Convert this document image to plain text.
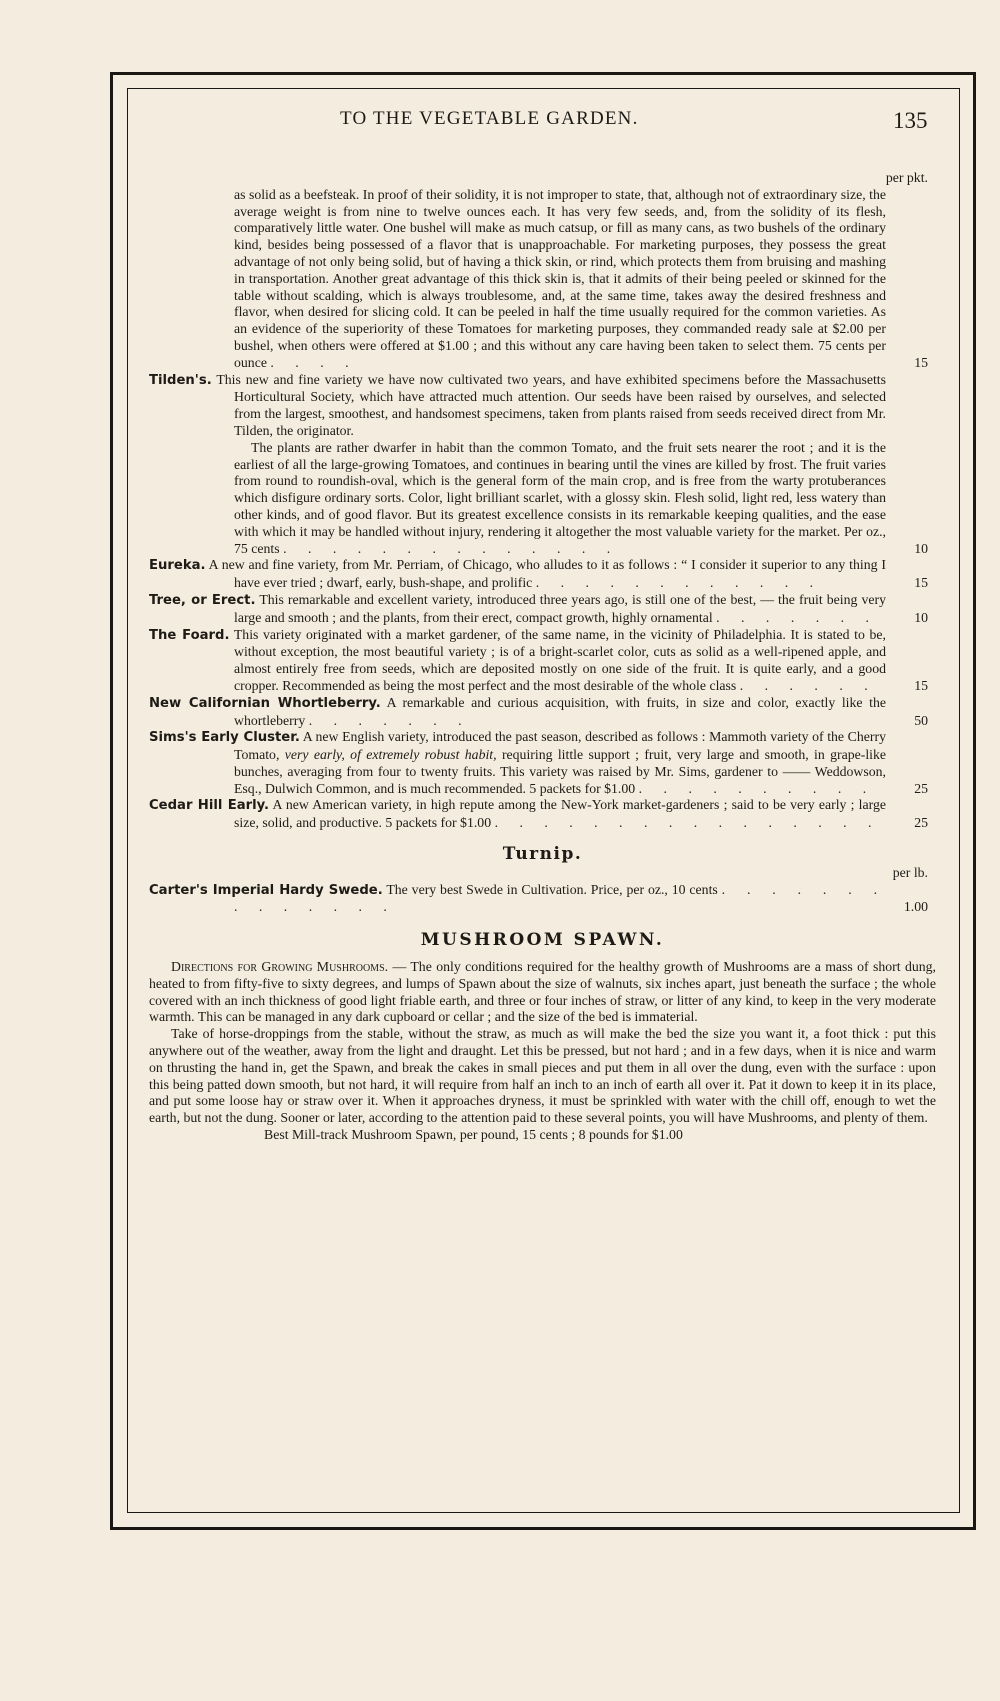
TO THE VEGETABLE GARDEN.	135
per pkt.
as solid as a beefsteak. In proof of their solidity, it is not improper to state, that, although not of extraordinary size, the average weight is from nine to twelve ounces each. It has very few seeds, and, from the solidity of its flesh, comparatively little water. One bushel will make as much catsup, or fill as many cans, as two bushels of the ordinary kind, besides being possessed of a flavor that is unapproachable. For marketing purposes, they possess the great advantage of not only being solid, but of having a thick skin, or rind, which protects them from bruising and mashing in transportation. Another great advantage of this thick skin is, that it admits of their being peeled or skinned for the table without scalding, which is always troublesome, and, at the same time, takes away the desired freshness and flavor, when desired for slicing cold. It can be peeled in half the time usually required for the common varieties. As an evidence of the superiority of these Tomatoes for marketing purposes, they commanded ready sale at $2.00 per bushel, when others were offered at $1.00 ; and this without any care having been taken to select them. 75 cents per ounce . . . .	15
Tilden's. This new and fine variety we have now cultivated two years, and have exhibited specimens before the Massachusetts Horticultural Society, which have attracted much attention. Our seeds have been raised by ourselves, and selected from the largest, smoothest, and handsomest specimens, taken from plants raised from seeds received direct from Mr. Tilden, the originator.
The plants are rather dwarfer in habit than the common Tomato, and the fruit sets nearer the root ; and it is the earliest of all the large-growing Tomatoes, and continues in bearing until the vines are killed by frost. The fruit varies from round to roundish-oval, which is the general form of the main crop, and is free from the warty protuberances which disfigure ordinary sorts. Color, light brilliant scarlet, with a glossy skin. Flesh solid, light red, less watery than other kinds, and of good flavor. But its greatest excellence consists in its remarkable keeping qualities, and the ease with which it may be handled without injury, rendering it altogether the most valuable variety for the market. Per oz., 75 cents . . . . . . . . . . . . . .	10
Eureka. A new and fine variety, from Mr. Perriam, of Chicago, who alludes to it as follows : “ I consider it superior to any thing I have ever tried ; dwarf, early, bush-shape, and prolific . . . . . . . . . . . .	15
Tree, or Erect. This remarkable and excellent variety, introduced three years ago, is still one of the best, — the fruit being very large and smooth ; and the plants, from their erect, compact growth, highly ornamental . . . . . . .	10
The Foard. This variety originated with a market gardener, of the same name, in the vicinity of Philadelphia. It is stated to be, without exception, the most beautiful variety ; is of a bright-scarlet color, cuts as solid as a well-ripened apple, and almost entirely free from seeds, which are deposited mostly on one side of the fruit. It is quite early, and a good cropper. Recommended as being the most perfect and the most desirable of the whole class . . . . . .	15
New Californian Whortleberry. A remarkable and curious acquisition, with fruits, in size and color, exactly like the whortleberry . . . . . . .	50
Sims's Early Cluster. A new English variety, introduced the past season, described as follows : Mammoth variety of the Cherry Tomato, very early, of extremely robust habit, requiring little support ; fruit, very large and smooth, in grape-like bunches, averaging from four to twenty fruits. This variety was raised by Mr. Sims, gardener to —— Weddowson, Esq., Dulwich Common, and is much recommended. 5 packets for $1.00 . . . . . . . . . .	25
Cedar Hill Early. A new American variety, in high repute among the New-York market-gardeners ; said to be very early ; large size, solid, and productive. 5 packets for $1.00 . . . . . . . . . . . . . . . . 25
Turnip.
per lb.
Carter's Imperial Hardy Swede. The very best Swede in Cultivation. Price, per oz., 10 cents . . . . . . . . . . . . . .	1.00
MUSHROOM SPAWN.
Directions for Growing Mushrooms. — The only conditions required for the healthy growth of Mushrooms are a mass of short dung, heated to from fifty-five to sixty degrees, and lumps of Spawn about the size of walnuts, six inches apart, just beneath the surface ; the whole covered with an inch thickness of good light friable earth, and three or four inches of straw, or litter of any kind, to keep in the very moderate warmth. This can be managed in any dark cupboard or cellar ; and the size of the bed is immaterial.
Take of horse-droppings from the stable, without the straw, as much as will make the bed the size you want it, a foot thick : put this anywhere out of the weather, away from the light and draught. Let this be pressed, but not hard ; and in a few days, when it is nice and warm on thrusting the hand in, get the Spawn, and break the cakes in small pieces and put them in all over the dung, even with the surface : upon this being patted down smooth, but not hard, it will require from half an inch to an inch of earth all over it. Pat it down to keep it in its place, and put some loose hay or straw over it. When it approaches dryness, it must be sprinkled with water with the chill off, enough to wet the earth, but not the dung. Sooner or later, according to the attention paid to these several points, you will have Mushrooms, and plenty of them.
Best Mill-track Mushroom Spawn, per pound, 15 cents ; 8 pounds for $1.00
